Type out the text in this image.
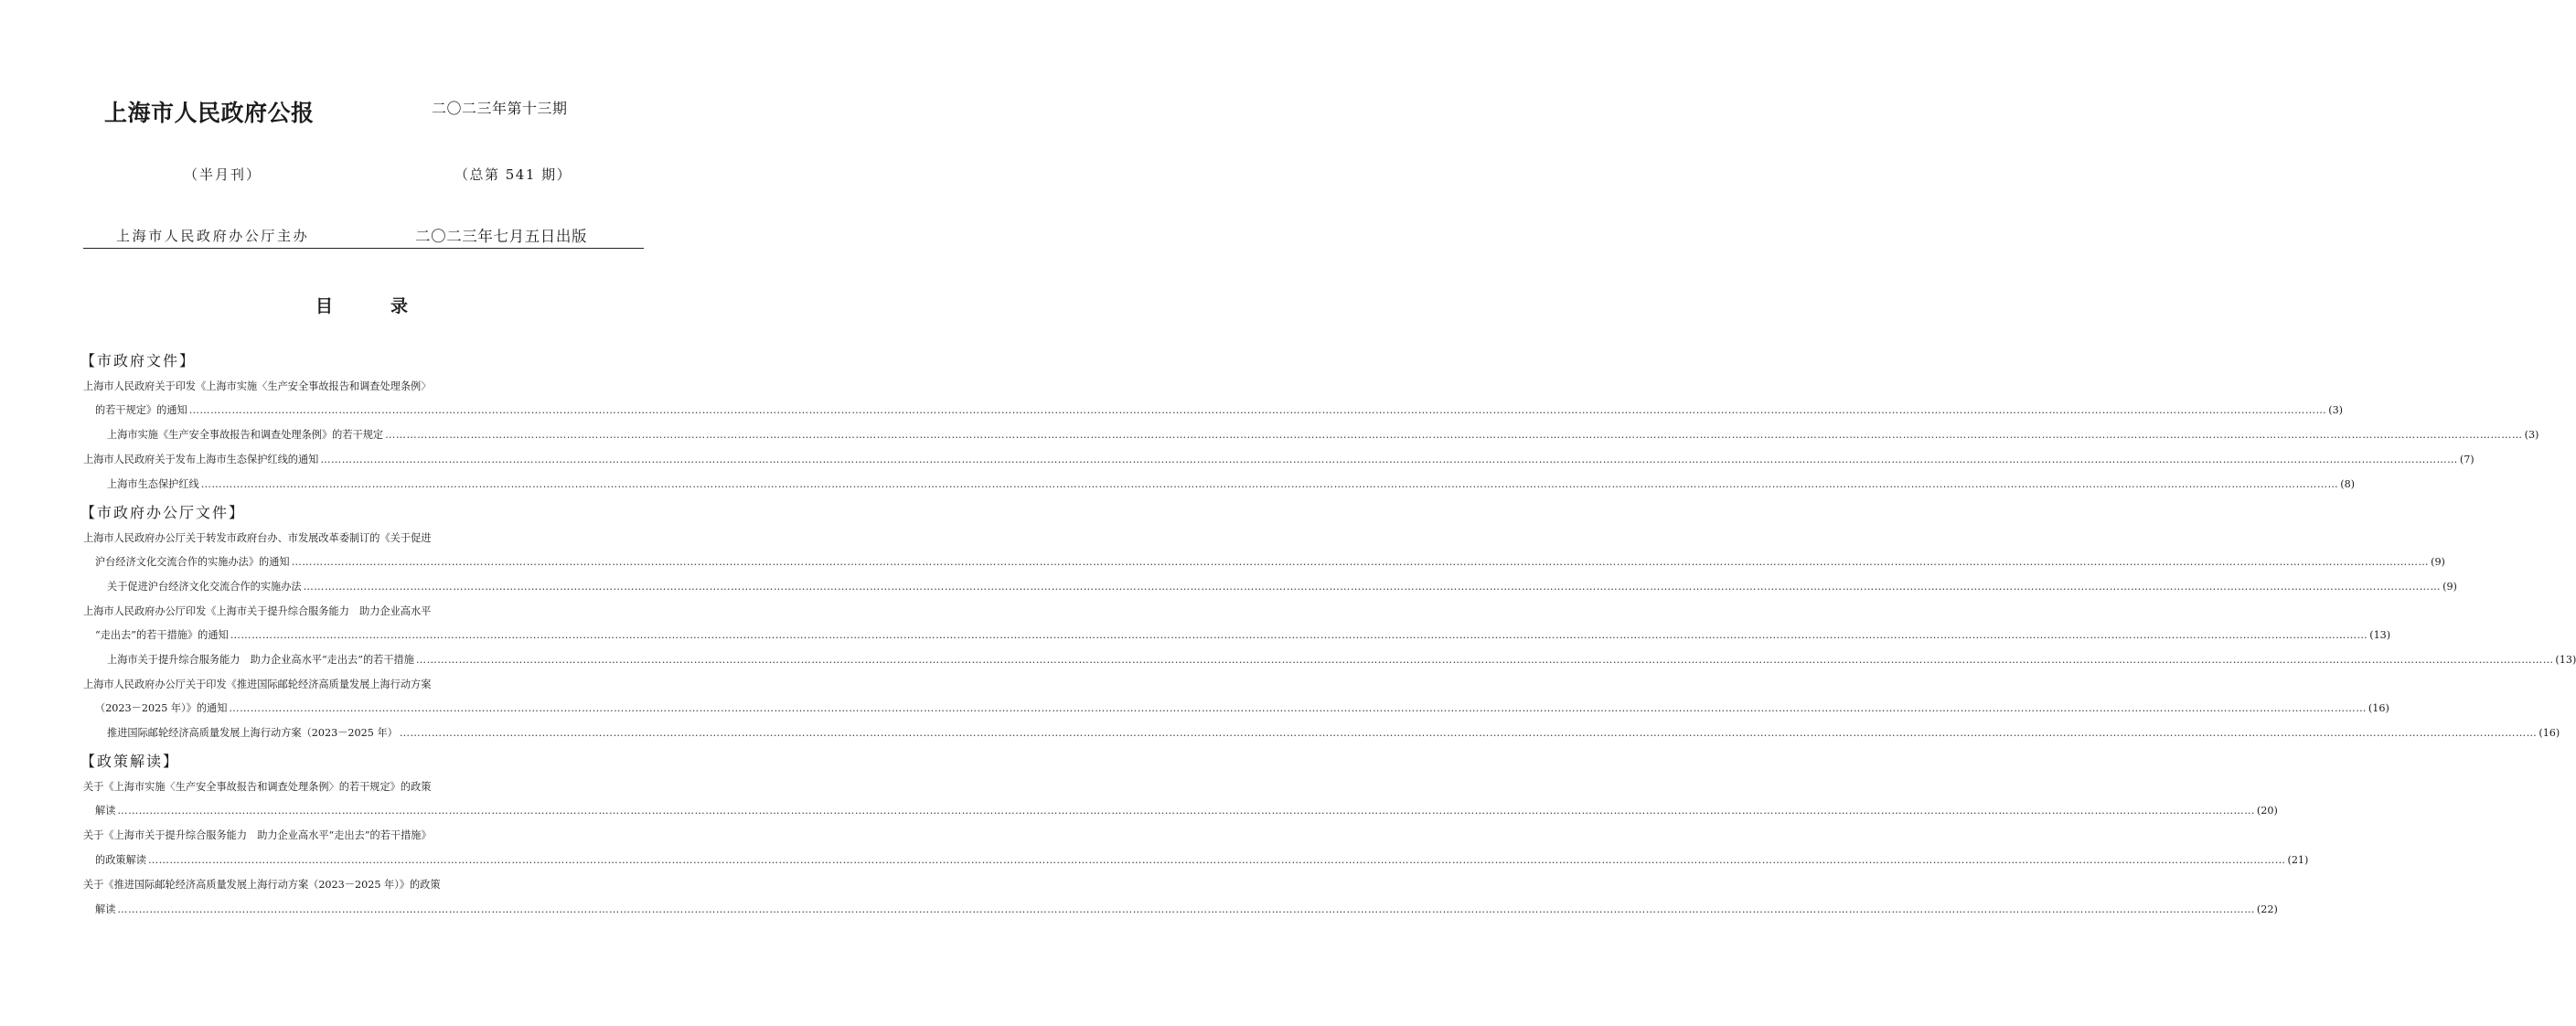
上海市人民政府公报	二〇二三年第十三期
（半月刊）	（总第 541 期）
上海市人民政府办公厅主办	二〇二三年七月五日出版
目录
【市政府文件】
【市政府办公厅文件】
【政策解读】
上海市人民政府关于印发《上海市实施〈生产安全事故报告和调查处理条例〉
的若干规定》的通知 …………………………………………………………………………………………………………………………………………………………………………………………………………………………………………………………………………………………………………………………………………………………………………………………………………………………………………………………………………………………………………………………………………………… (3)
上海市实施《生产安全事故报告和调查处理条例》的若干规定 …………………………………………………………………………………………………………………………………………………………………………………………………………………………………………………………………………………………………………………………………………………………………………………………………………………………………………………………………………………………………………………………………………………… (3)
上海市人民政府关于发布上海市生态保护红线的通知 …………………………………………………………………………………………………………………………………………………………………………………………………………………………………………………………………………………………………………………………………………………………………………………………………………………………………………………………………………………………………………………………………………………… (7)
上海市生态保护红线 …………………………………………………………………………………………………………………………………………………………………………………………………………………………………………………………………………………………………………………………………………………………………………………………………………………………………………………………………………………………………………………………………………………… (8)
上海市人民政府办公厅关于转发市政府台办、市发展改革委制订的《关于促进
沪台经济文化交流合作的实施办法》的通知 …………………………………………………………………………………………………………………………………………………………………………………………………………………………………………………………………………………………………………………………………………………………………………………………………………………………………………………………………………………………………………………………………………………… (9)
关于促进沪台经济文化交流合作的实施办法 …………………………………………………………………………………………………………………………………………………………………………………………………………………………………………………………………………………………………………………………………………………………………………………………………………………………………………………………………………………………………………………………………………………… (9)
上海市人民政府办公厅印发《上海市关于提升综合服务能力　助力企业高水平
“走出去”的若干措施》的通知 …………………………………………………………………………………………………………………………………………………………………………………………………………………………………………………………………………………………………………………………………………………………………………………………………………………………………………………………………………………………………………………………………………………… (13)
上海市关于提升综合服务能力　助力企业高水平“走出去”的若干措施 …………………………………………………………………………………………………………………………………………………………………………………………………………………………………………………………………………………………………………………………………………………………………………………………………………………………………………………………………………………………………………………………………………………… (13)
上海市人民政府办公厅关于印发《推进国际邮轮经济高质量发展上海行动方案
（2023－2025 年）》的通知 …………………………………………………………………………………………………………………………………………………………………………………………………………………………………………………………………………………………………………………………………………………………………………………………………………………………………………………………………………………………………………………………………………………… (16)
推进国际邮轮经济高质量发展上海行动方案（2023－2025 年） …………………………………………………………………………………………………………………………………………………………………………………………………………………………………………………………………………………………………………………………………………………………………………………………………………………………………………………………………………………………………………………………………………………… (16)
关于《上海市实施〈生产安全事故报告和调查处理条例〉的若干规定》的政策
解读 …………………………………………………………………………………………………………………………………………………………………………………………………………………………………………………………………………………………………………………………………………………………………………………………………………………………………………………………………………………………………………………………………………………… (20)
关于《上海市关于提升综合服务能力　助力企业高水平“走出去”的若干措施》
的政策解读 …………………………………………………………………………………………………………………………………………………………………………………………………………………………………………………………………………………………………………………………………………………………………………………………………………………………………………………………………………………………………………………………………………………… (21)
关于《推进国际邮轮经济高质量发展上海行动方案（2023－2025 年）》的政策
解读 …………………………………………………………………………………………………………………………………………………………………………………………………………………………………………………………………………………………………………………………………………………………………………………………………………………………………………………………………………………………………………………………………………………… (22)
